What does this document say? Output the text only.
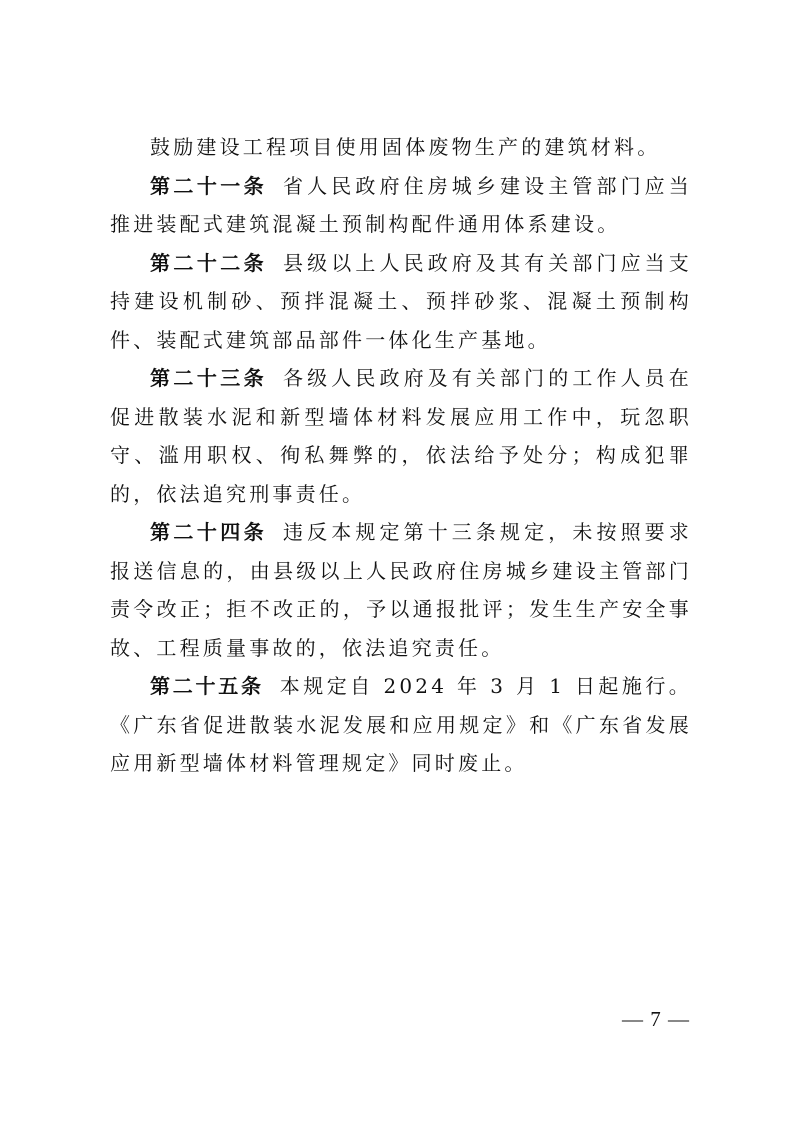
鼓励建设工程项目使用固体废物生产的建筑材料。

第二十一条 省人民政府住房城乡建设主管部门应当推进装配式建筑混凝土预制构配件通用体系建设。

第二十二条 县级以上人民政府及其有关部门应当支持建设机制砂、预拌混凝土、预拌砂浆、混凝土预制构件、装配式建筑部品部件一体化生产基地。

第二十三条 各级人民政府及有关部门的工作人员在促进散装水泥和新型墙体材料发展应用工作中，玩忽职守、滥用职权、徇私舞弊的，依法给予处分；构成犯罪的，依法追究刑事责任。

第二十四条 违反本规定第十三条规定，未按照要求报送信息的，由县级以上人民政府住房城乡建设主管部门责令改正；拒不改正的，予以通报批评；发生生产安全事故、工程质量事故的，依法追究责任。

第二十五条 本规定自 2024 年 3 月 1 日起施行。《广东省促进散装水泥发展和应用规定》和《广东省发展应用新型墙体材料管理规定》同时废止。

— 7 —
